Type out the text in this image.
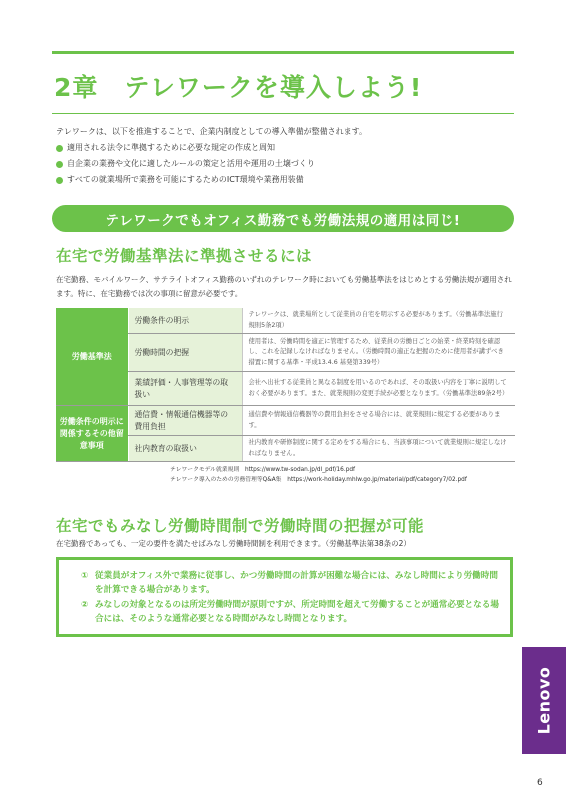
2章　テレワークを導入しよう!
テレワークは、以下を推進することで、企業内制度としての導入準備が整備されます。
適用される法令に準拠するために必要な規定の作成と周知
自企業の業務や文化に適したルールの策定と活用や運用の土壌づくり
すべての就業場所で業務を可能にするためのICT環境や業務用装備
テレワークでもオフィス勤務でも労働法規の適用は同じ!
在宅で労働基準法に準拠させるには
在宅勤務、モバイルワーク、サテライトオフィス勤務のいずれのテレワーク時においても労働基準法をはじめとする労働法規が適用されます。特に、在宅勤務では次の事項に留意が必要です。
労働基準法	労働条件の明示	テレワークは、就業場所として従業員の自宅を明示する必要があります。（労働基準法施行規則5条2項）
	労働時間の把握	使用者は、労働時間を適正に管理するため、従業員の労働日ごとの始業・終業時刻を確認し、これを記録しなければなりません。（労働時間の適正な把握のために使用者が講ずべき措置に関する基準・平成13.4.6 基発第339号）
	業績評価・人事管理等の取扱い	会社へ出社する従業員と異なる制度を用いるのであれば、その取扱い内容を丁寧に説明しておく必要があります。また、就業規則の変更手続が必要となります。（労働基準法89条2号）
労働条件の明示に関係するその他留意事項	通信費・情報通信機器等の費用負担	通信費や情報通信機器等の費用負担をさせる場合には、就業規則に規定する必要があります。
	社内教育の取扱い	社内教育や研修制度に関する定めをする場合にも、当該事項について就業規則に規定しなければなりません。
テレワークモデル就業規則　https://www.tw-sodan.jp/dl_pdf/16.pdf
テレワーク導入のための労務管理等Q&A集　https://work-holiday.mhlw.go.jp/material/pdf/category7/02.pdf
在宅でもみなし労働時間制で労働時間の把握が可能
在宅勤務であっても、一定の要件を満たせばみなし労働時間制を利用できます。（労働基準法第38条の2）
① 従業員がオフィス外で業務に従事し、かつ労働時間の計算が困難な場合には、みなし時間により労働時間を計算できる場合があります。
② みなしの対象となるのは所定労働時間が原則ですが、所定時間を超えて労働することが通常必要となる場合には、そのような通常必要となる時間がみなし時間となります。
Lenovo
6
